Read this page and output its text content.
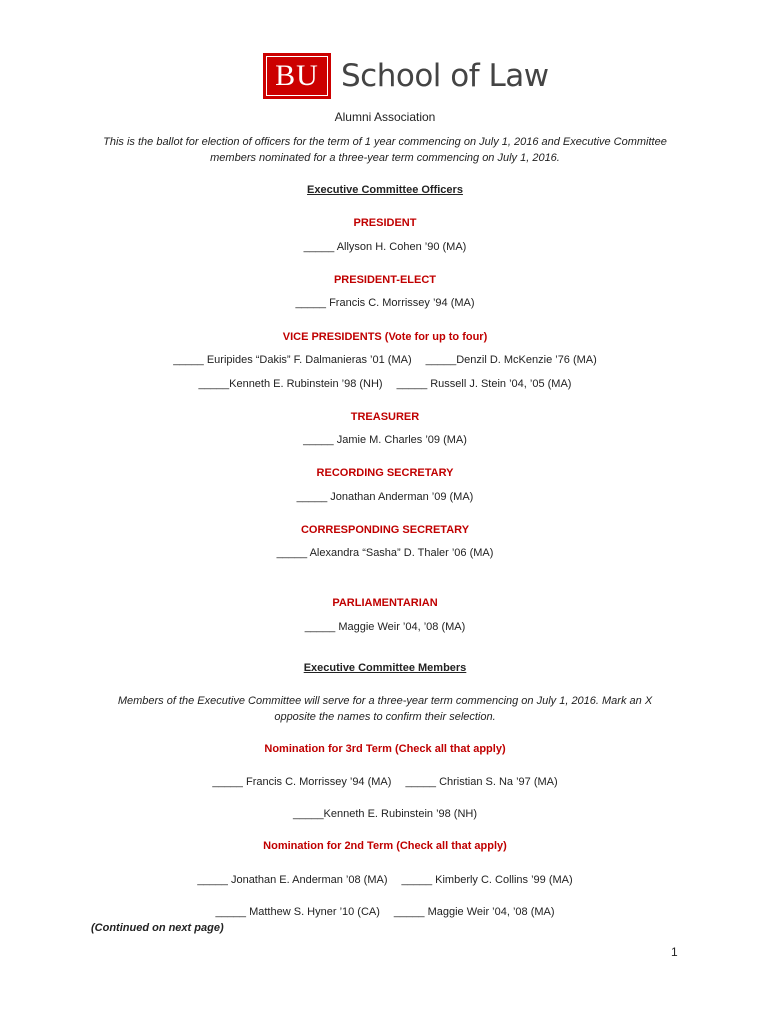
BU School of Law
Alumni Association
This is the ballot for election of officers for the term of 1 year commencing on July 1, 2016 and Executive Committee
members nominated for a three-year term commencing on July 1, 2016.
Executive Committee Officers
PRESIDENT
_____ Allyson H. Cohen ’90 (MA)
PRESIDENT-ELECT
_____ Francis C. Morrissey ’94 (MA)
VICE PRESIDENTS (Vote for up to four)
_____ Euripides “Dakis” F. Dalmanieras ’01 (MA) _____Denzil D. McKenzie ’76 (MA)
_____Kenneth E. Rubinstein ’98 (NH) _____ Russell J. Stein ’04, ’05 (MA)
TREASURER
_____ Jamie M. Charles ’09 (MA)
RECORDING SECRETARY
_____ Jonathan Anderman ’09 (MA)
CORRESPONDING SECRETARY
_____ Alexandra “Sasha” D. Thaler ’06 (MA)
PARLIAMENTARIAN
_____ Maggie Weir ’04, ’08 (MA)
Executive Committee Members
Members of the Executive Committee will serve for a three-year term commencing on July 1, 2016. Mark an X
opposite the names to confirm their selection.
Nomination for 3rd Term (Check all that apply)
_____ Francis C. Morrissey ’94 (MA) _____ Christian S. Na ’97 (MA)
_____Kenneth E. Rubinstein ’98 (NH)
Nomination for 2nd Term (Check all that apply)
_____ Jonathan E. Anderman ’08 (MA) _____ Kimberly C. Collins ’99 (MA)
_____ Matthew S. Hyner ’10 (CA) _____ Maggie Weir ’04, ’08 (MA)
(Continued on next page)
1
